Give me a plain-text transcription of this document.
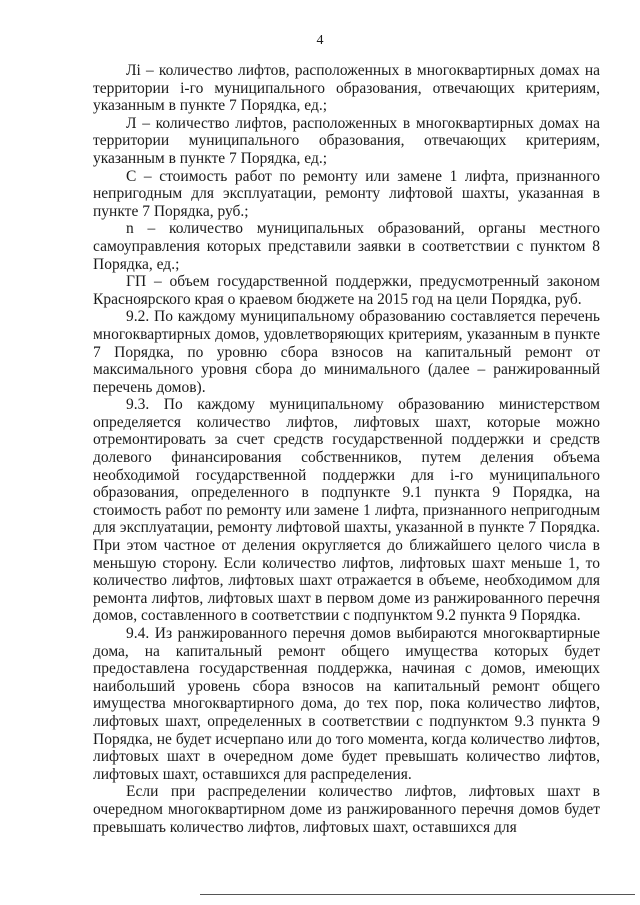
4

Лi – количество лифтов, расположенных в многоквартирных домах на территории i-го муниципального образования, отвечающих критериям, указанным в пункте 7 Порядка, ед.;

Л – количество лифтов, расположенных в многоквартирных домах на территории муниципального образования, отвечающих критериям, указанным в пункте 7 Порядка, ед.;

С – стоимость работ по ремонту или замене 1 лифта, признанного непригодным для эксплуатации, ремонту лифтовой шахты, указанная в пункте 7 Порядка, руб.;

n – количество муниципальных образований, органы местного самоуправления которых представили заявки в соответствии с пунктом 8 Порядка, ед.;

ГП – объем государственной поддержки, предусмотренный законом Красноярского края о краевом бюджете на 2015 год на цели Порядка, руб.

9.2. По каждому муниципальному образованию составляется перечень многоквартирных домов, удовлетворяющих критериям, указанным в пункте 7 Порядка, по уровню сбора взносов на капитальный ремонт от максимального уровня сбора до минимального (далее – ранжированный перечень домов).

9.3. По каждому муниципальному образованию министерством определяется количество лифтов, лифтовых шахт, которые можно отремонтировать за счет средств государственной поддержки и средств долевого финансирования собственников, путем деления объема необходимой государственной поддержки для i-го муниципального образования, определенного в подпункте 9.1 пункта 9 Порядка, на стоимость работ по ремонту или замене 1 лифта, признанного непригодным для эксплуатации, ремонту лифтовой шахты, указанной в пункте 7 Порядка. При этом частное от деления округляется до ближайшего целого числа в меньшую сторону. Если количество лифтов, лифтовых шахт меньше 1, то количество лифтов, лифтовых шахт отражается в объеме, необходимом для ремонта лифтов, лифтовых шахт в первом доме из ранжированного перечня домов, составленного в соответствии с подпунктом 9.2 пункта 9 Порядка.

9.4. Из ранжированного перечня домов выбираются многоквартирные дома, на капитальный ремонт общего имущества которых будет предоставлена государственная поддержка, начиная с домов, имеющих наибольший уровень сбора взносов на капитальный ремонт общего имущества многоквартирного дома, до тех пор, пока количество лифтов, лифтовых шахт, определенных в соответствии с подпунктом 9.3 пункта 9 Порядка, не будет исчерпано или до того момента, когда количество лифтов, лифтовых шахт в очередном доме будет превышать количество лифтов, лифтовых шахт, оставшихся для распределения.

Если при распределении количество лифтов, лифтовых шахт в очередном многоквартирном доме из ранжированного перечня домов будет превышать количество лифтов, лифтовых шахт, оставшихся для
